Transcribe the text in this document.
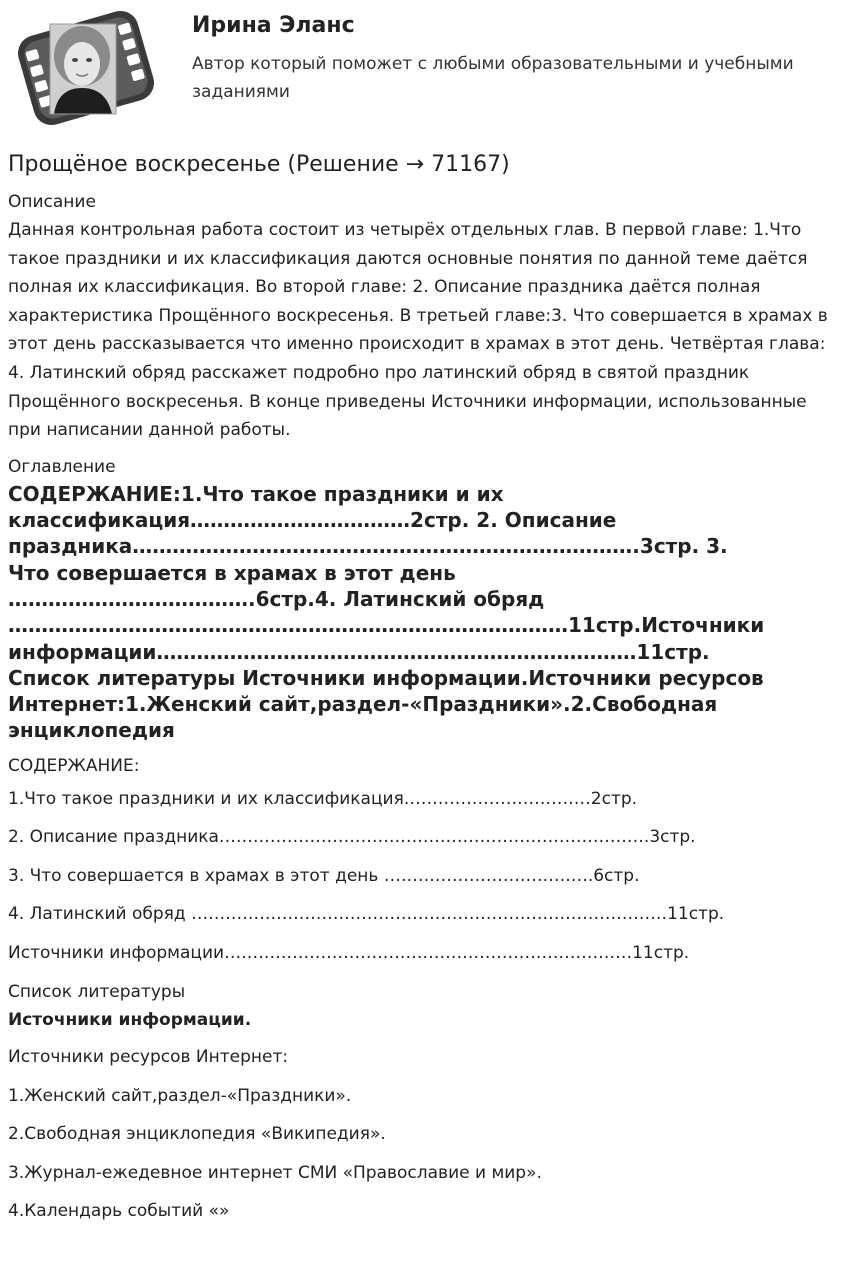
Ирина Эланс

Автор который поможет с любыми образовательными и учебными заданиями

Прощёное воскресенье (Решение → 71167)
Описание

Данная контрольная работа состоит из четырёх отдельных глав. В первой главе: 1.Что такое праздники и их классификация даются основные понятия по данной теме даётся полная их классификация. Во второй главе: 2. Описание праздника даётся полная характеристика Прощённого воскресенья. В третьей главе:3. Что совершается в храмах в этот день рассказывается что именно происходит в храмах в этот день. Четвёртая глава: 4. Латинский обряд расскажет подробно про латинский обряд в святой праздник Прощённого воскресенья. В конце приведены Источники информации, использованные при написании данной работы.

Оглавление
СОДЕРЖАНИЕ:1.Что такое праздники и их
классификация……………………………2стр. 2. Описание
праздника………………………………………………………………….3стр. 3.
Что совершается в храмах в этот день
……………………………….6стр.4. Латинский обряд
…………………………………………………………………………11стр.Источники
информации………………………………………………………………11стр.
Список литературы Источники информации.Источники ресурсов
Интернет:1.Женский сайт,раздел-«Праздники».2.Свободная
энциклопедия
СОДЕРЖАНИЕ:
1.Что такое праздники и их классификация……………………………2стр.
2. Описание праздника………………………………………………………………….3стр.
3. Что совершается в храмах в этот день ……………………………….6стр.
4. Латинский обряд …………………………………………………………………………11стр.
Источники информации………………………………………………………………11стр.
Список литературы
Источники информации.
Источники ресурсов Интернет:
1.Женский сайт,раздел-«Праздники».
2.Свободная энциклопедия «Википедия».
3.Журнал-ежедевное интернет СМИ «Православие и мир».
4.Календарь событий «»
